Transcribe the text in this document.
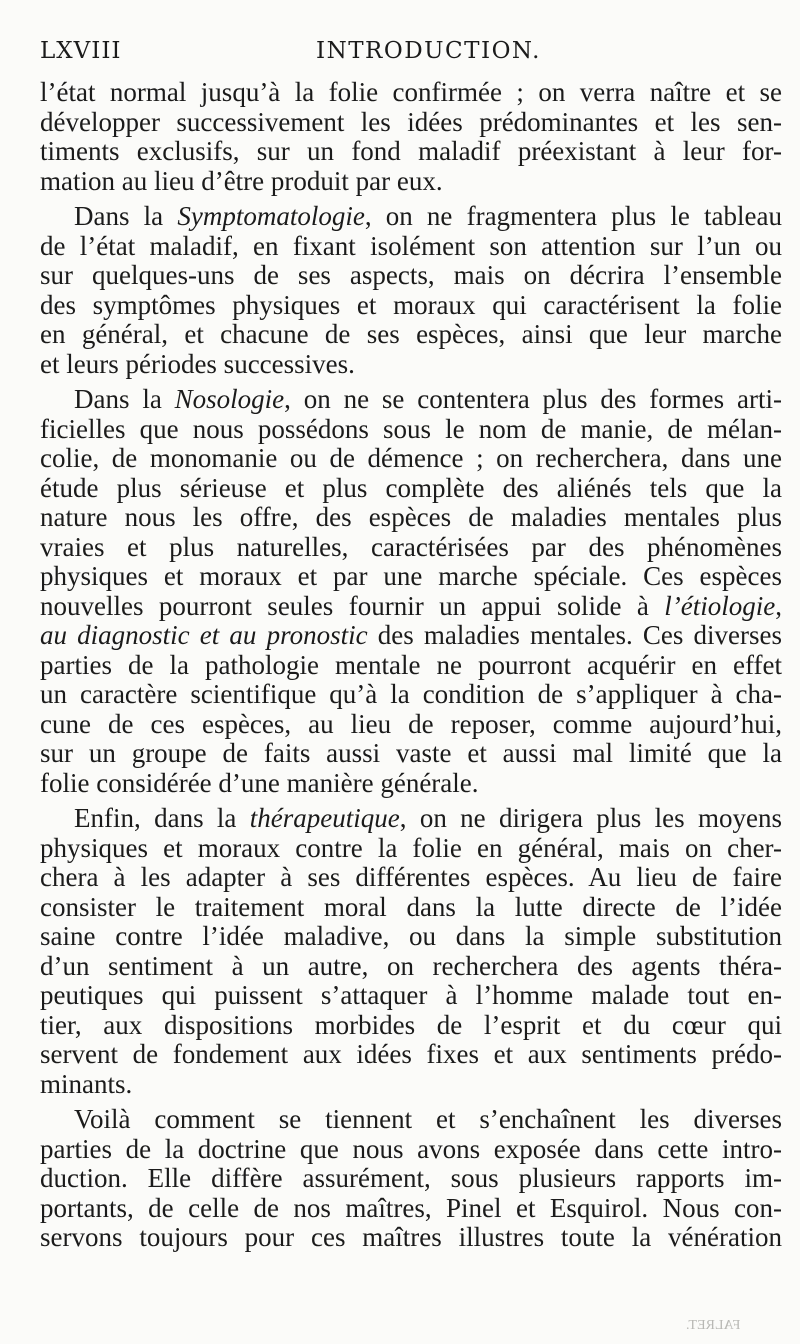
LXVIII	INTRODUCTION.
l’état normal jusqu’à la folie confirmée ; on verra naître et se
développer successivement les idées prédominantes et les sen-
timents exclusifs, sur un fond maladif préexistant à leur for-
mation au lieu d’être produit par eux.
Dans la Symptomatologie, on ne fragmentera plus le tableau
de l’état maladif, en fixant isolément son attention sur l’un ou
sur quelques-uns de ses aspects, mais on décrira l’ensemble
des symptômes physiques et moraux qui caractérisent la folie
en général, et chacune de ses espèces, ainsi que leur marche
et leurs périodes successives.
Dans la Nosologie, on ne se contentera plus des formes arti-
ficielles que nous possédons sous le nom de manie, de mélan-
colie, de monomanie ou de démence ; on recherchera, dans une
étude plus sérieuse et plus complète des aliénés tels que la
nature nous les offre, des espèces de maladies mentales plus
vraies et plus naturelles, caractérisées par des phénomènes
physiques et moraux et par une marche spéciale. Ces espèces
nouvelles pourront seules fournir un appui solide à l’étiologie,
au diagnostic et au pronostic des maladies mentales. Ces diverses
parties de la pathologie mentale ne pourront acquérir en effet
un caractère scientifique qu’à la condition de s’appliquer à cha-
cune de ces espèces, au lieu de reposer, comme aujourd’hui,
sur un groupe de faits aussi vaste et aussi mal limité que la
folie considérée d’une manière générale.
Enfin, dans la thérapeutique, on ne dirigera plus les moyens
physiques et moraux contre la folie en général, mais on cher-
chera à les adapter à ses différentes espèces. Au lieu de faire
consister le traitement moral dans la lutte directe de l’idée
saine contre l’idée maladive, ou dans la simple substitution
d’un sentiment à un autre, on recherchera des agents théra-
peutiques qui puissent s’attaquer à l’homme malade tout en-
tier, aux dispositions morbides de l’esprit et du cœur qui
servent de fondement aux idées fixes et aux sentiments prédo-
minants.
Voilà comment se tiennent et s’enchaînent les diverses
parties de la doctrine que nous avons exposée dans cette intro-
duction. Elle diffère assurément, sous plusieurs rapports im-
portants, de celle de nos maîtres, Pinel et Esquirol. Nous con-
servons toujours pour ces maîtres illustres toute la vénération
FALRET.
